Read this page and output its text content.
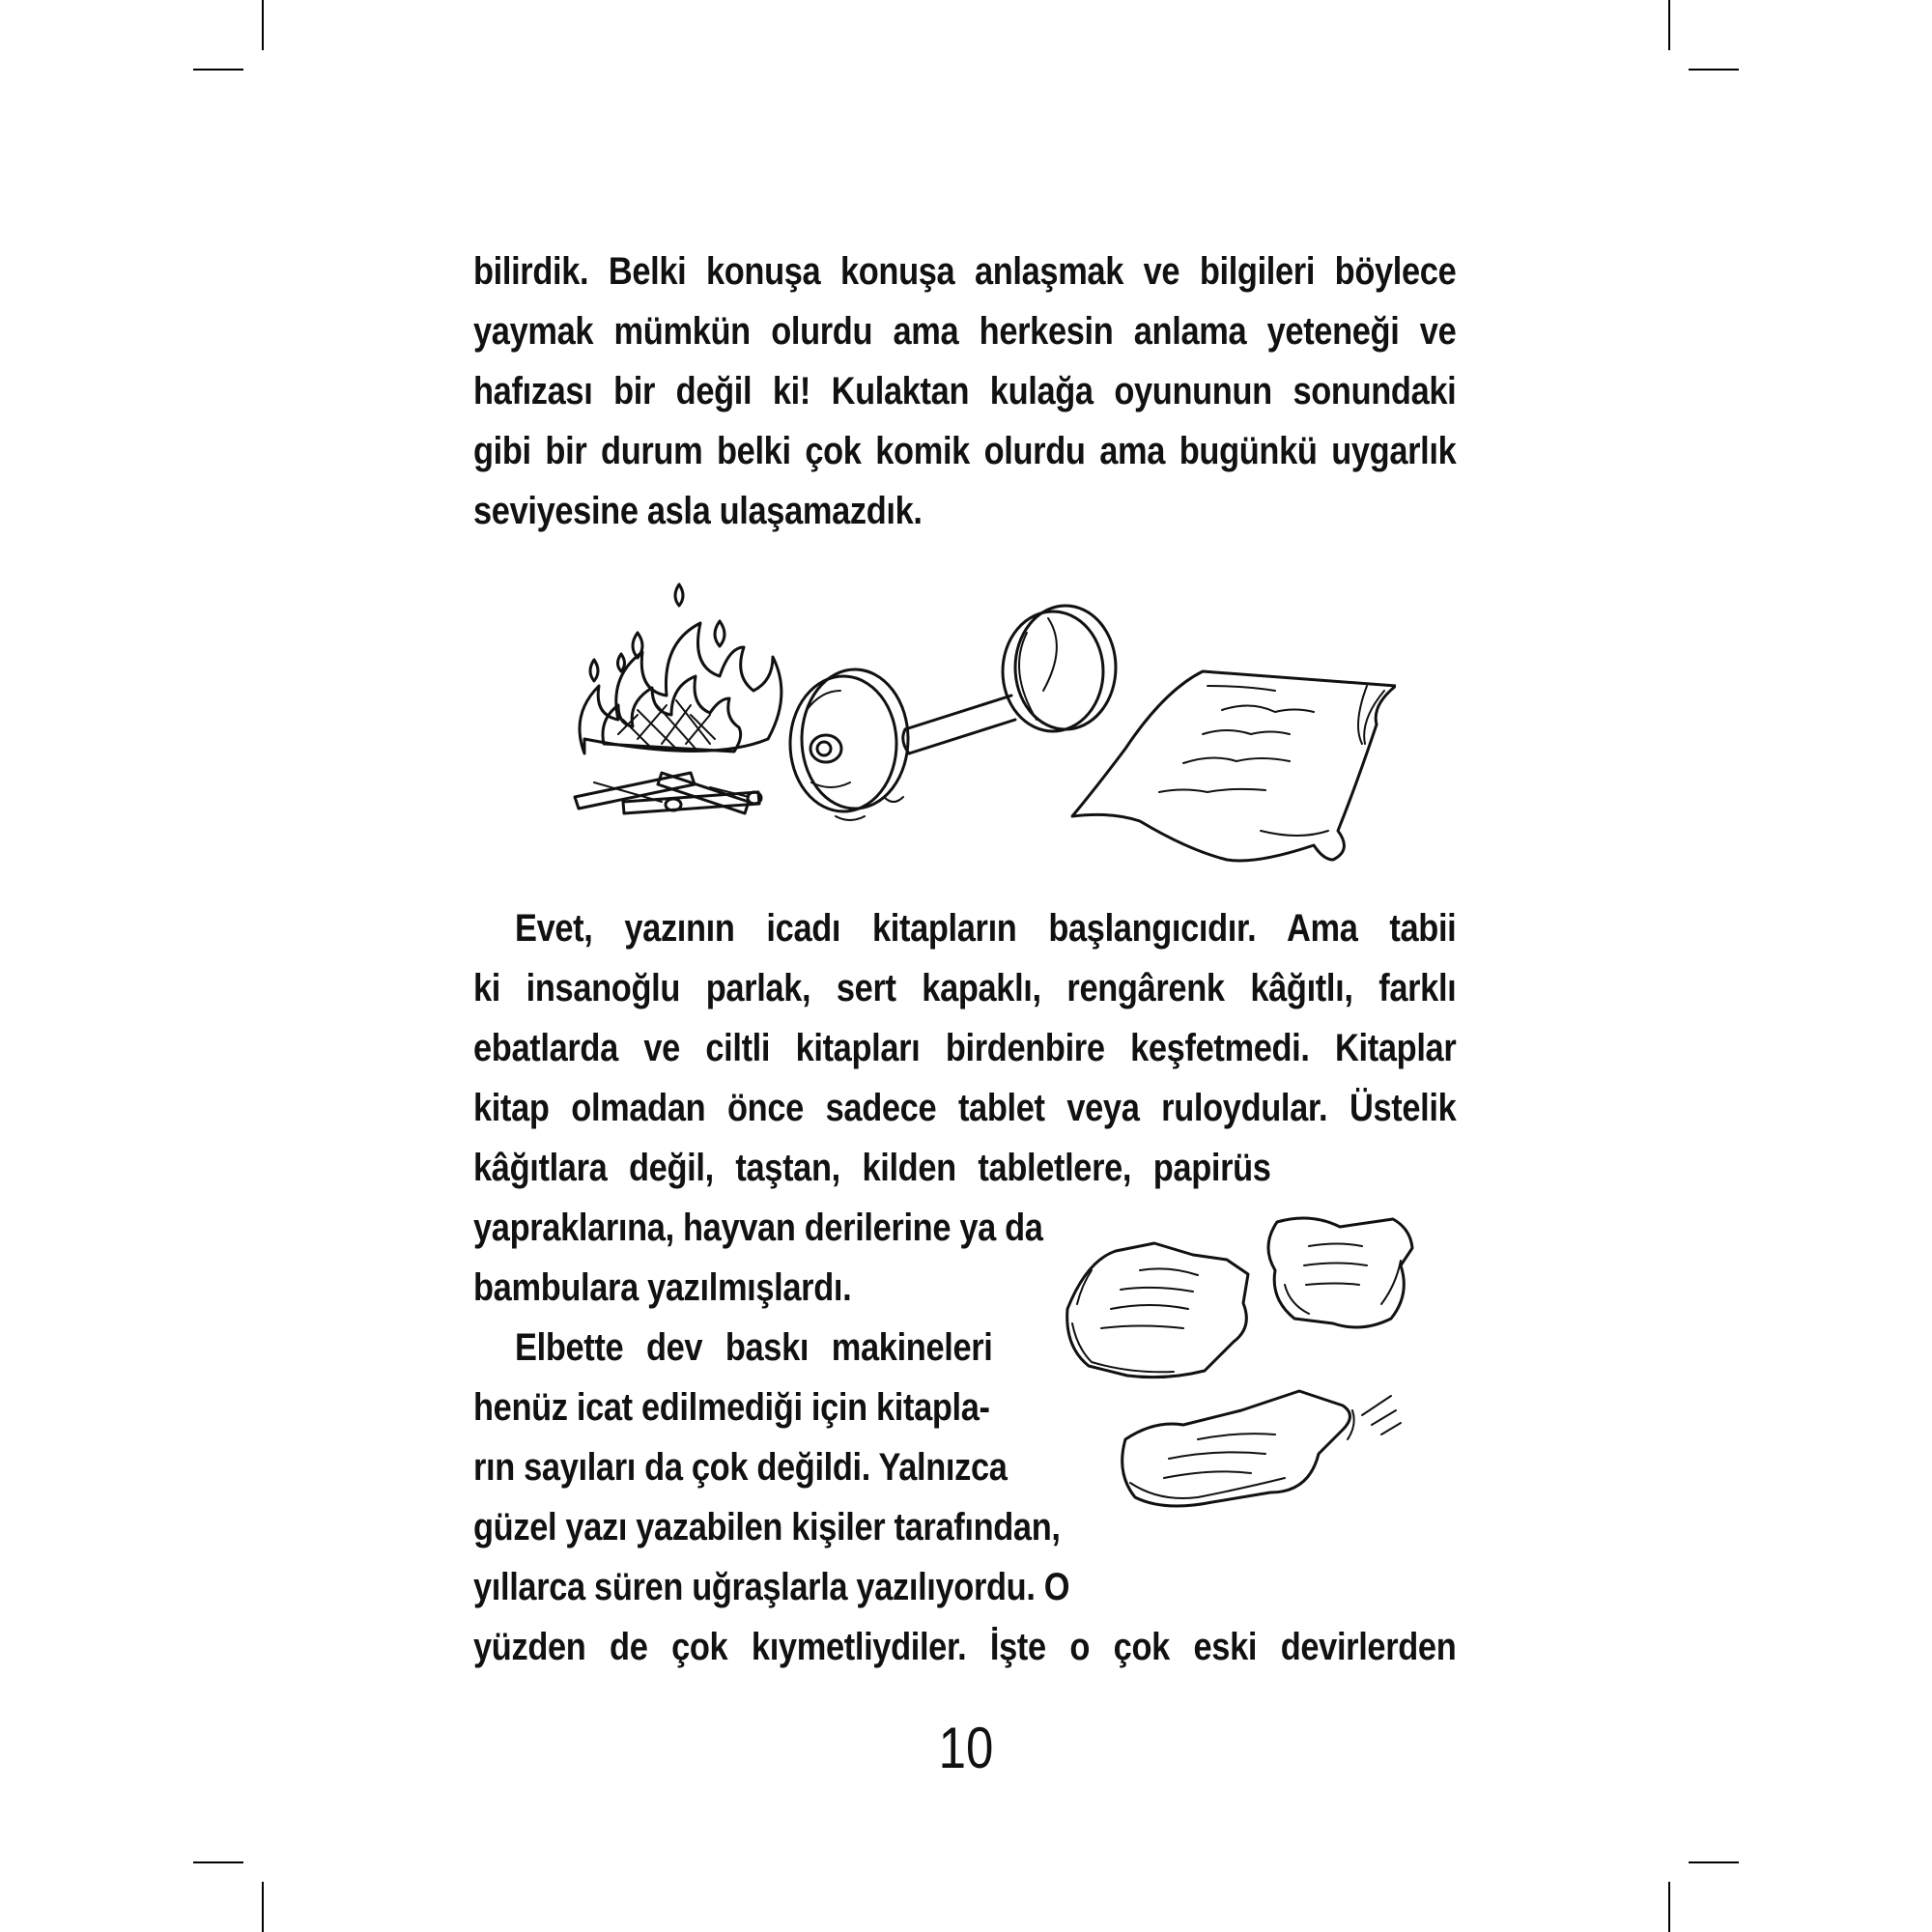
bilirdik. Belki konuşa konuşa anlaşmak ve bilgileri böylece
yaymak mümkün olurdu ama herkesin anlama yeteneği ve
hafızası bir değil ki! Kulaktan kulağa oyununun sonundaki
gibi bir durum belki çok komik olurdu ama bugünkü uygarlık
seviyesine asla ulaşamazdık.
Evet, yazının icadı kitapların başlangıcıdır. Ama tabii
ki insanoğlu parlak, sert kapaklı, rengârenk kâğıtlı, farklı
ebatlarda ve ciltli kitapları birdenbire keşfetmedi. Kitaplar
kitap olmadan önce sadece tablet veya ruloydular. Üstelik
kâğıtlara değil, taştan, kilden tabletlere, papirüs
yapraklarına, hayvan derilerine ya da
bambulara yazılmışlardı.
Elbette dev baskı makineleri
henüz icat edilmediği için kitapla-
rın sayıları da çok değildi. Yalnızca
güzel yazı yazabilen kişiler tarafından,
yıllarca süren uğraşlarla yazılıyordu. O
yüzden de çok kıymetliydiler. İşte o çok eski devirlerden
10
